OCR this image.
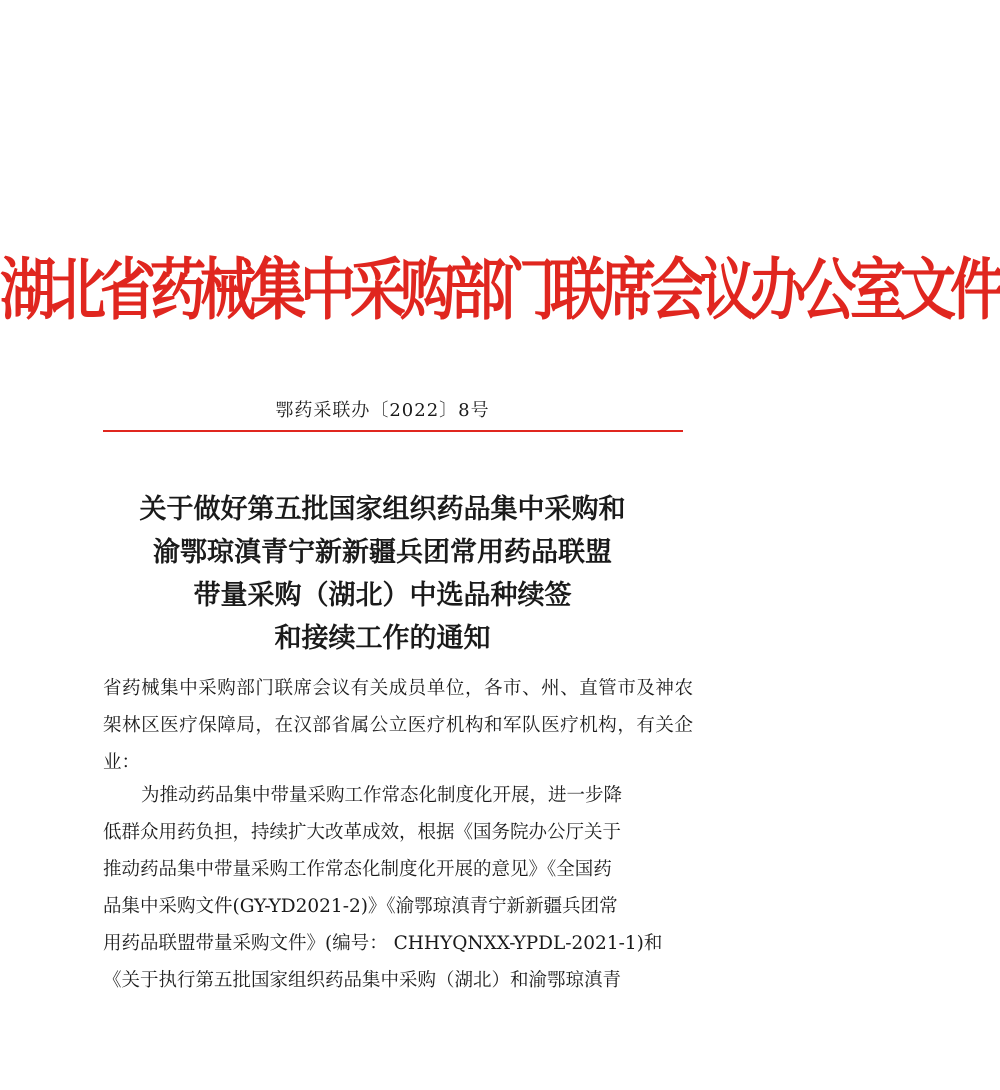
湖北省药械集中采购部门联席会议办公室文件
鄂药采联办〔2022〕8号
关于做好第五批国家组织药品集中采购和
渝鄂琼滇青宁新新疆兵团常用药品联盟
带量采购（湖北）中选品种续签
和接续工作的通知
省药械集中采购部门联席会议有关成员单位，各市、州、直管市及神农架林区医疗保障局，在汉部省属公立医疗机构和军队医疗机构，有关企业：
为推动药品集中带量采购工作常态化制度化开展，进一步降
低群众用药负担，持续扩大改革成效，根据《国务院办公厅关于
推动药品集中带量采购工作常态化制度化开展的意见》《全国药
品集中采购文件(GY-YD2021-2)》《渝鄂琼滇青宁新新疆兵团常
用药品联盟带量采购文件》(编号： CHHYQNXX-YPDL-2021-1)和
《关于执行第五批国家组织药品集中采购（湖北）和渝鄂琼滇青
